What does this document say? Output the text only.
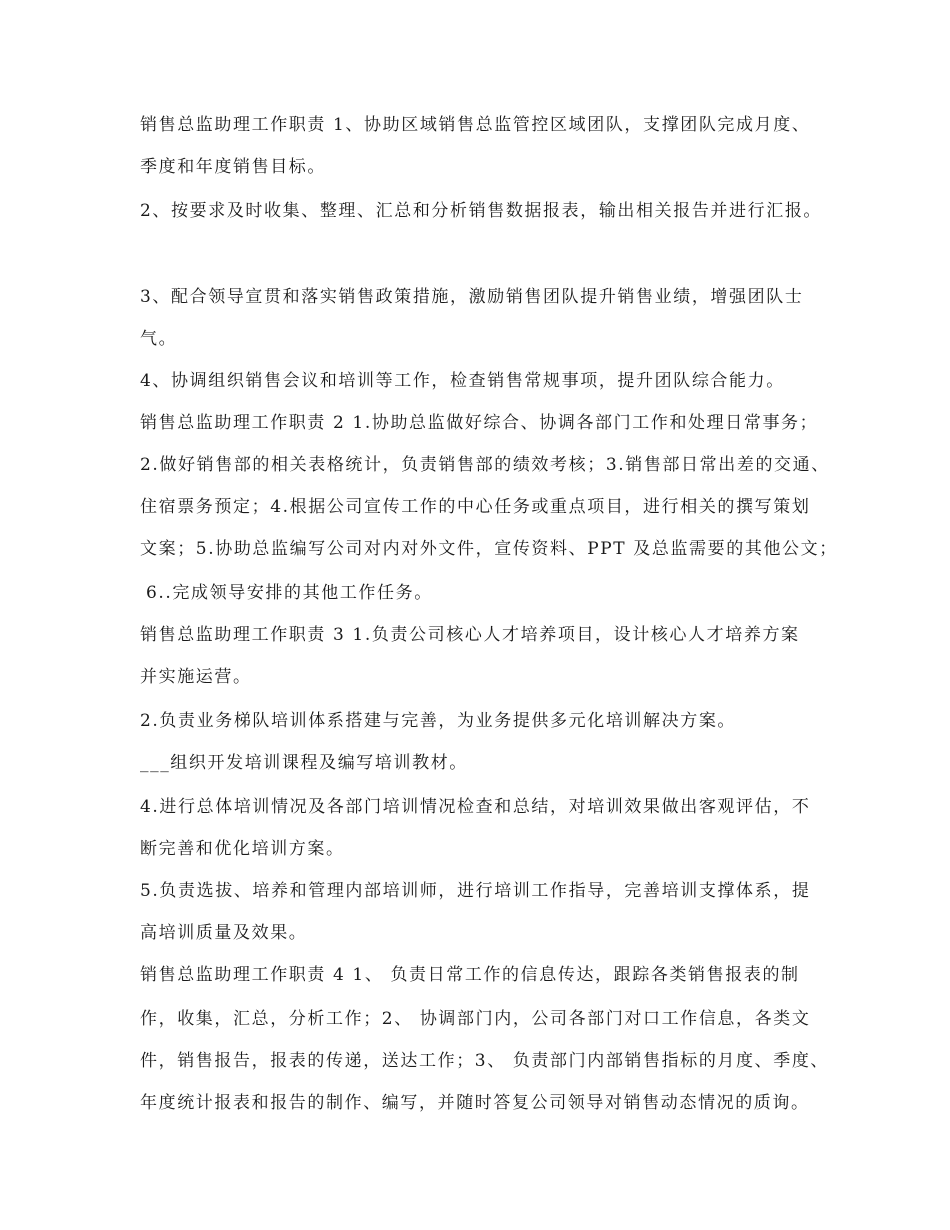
销售总监助理工作职责 1、协助区域销售总监管控区域团队，支撑团队完成月度、
季度和年度销售目标。
2、按要求及时收集、整理、汇总和分析销售数据报表，输出相关报告并进行汇报。
3、配合领导宣贯和落实销售政策措施，激励销售团队提升销售业绩，增强团队士
气。
4、协调组织销售会议和培训等工作，检查销售常规事项，提升团队综合能力。
销售总监助理工作职责 2 1.协助总监做好综合、协调各部门工作和处理日常事务；
2.做好销售部的相关表格统计，负责销售部的绩效考核；3.销售部日常出差的交通、
住宿票务预定；4.根据公司宣传工作的中心任务或重点项目，进行相关的撰写策划
文案；5.协助总监编写公司对内对外文件，宣传资料、PPT 及总监需要的其他公文；
6..完成领导安排的其他工作任务。
销售总监助理工作职责 3 1.负责公司核心人才培养项目，设计核心人才培养方案
并实施运营。
2.负责业务梯队培训体系搭建与完善，为业务提供多元化培训解决方案。
___组织开发培训课程及编写培训教材。
4.进行总体培训情况及各部门培训情况检查和总结，对培训效果做出客观评估，不
断完善和优化培训方案。
5.负责选拔、培养和管理内部培训师，进行培训工作指导，完善培训支撑体系，提
高培训质量及效果。
销售总监助理工作职责 4 1、 负责日常工作的信息传达，跟踪各类销售报表的制
作，收集，汇总，分析工作；2、 协调部门内，公司各部门对口工作信息，各类文
件，销售报告，报表的传递，送达工作；3、 负责部门内部销售指标的月度、季度、
年度统计报表和报告的制作、编写，并随时答复公司领导对销售动态情况的质询。
